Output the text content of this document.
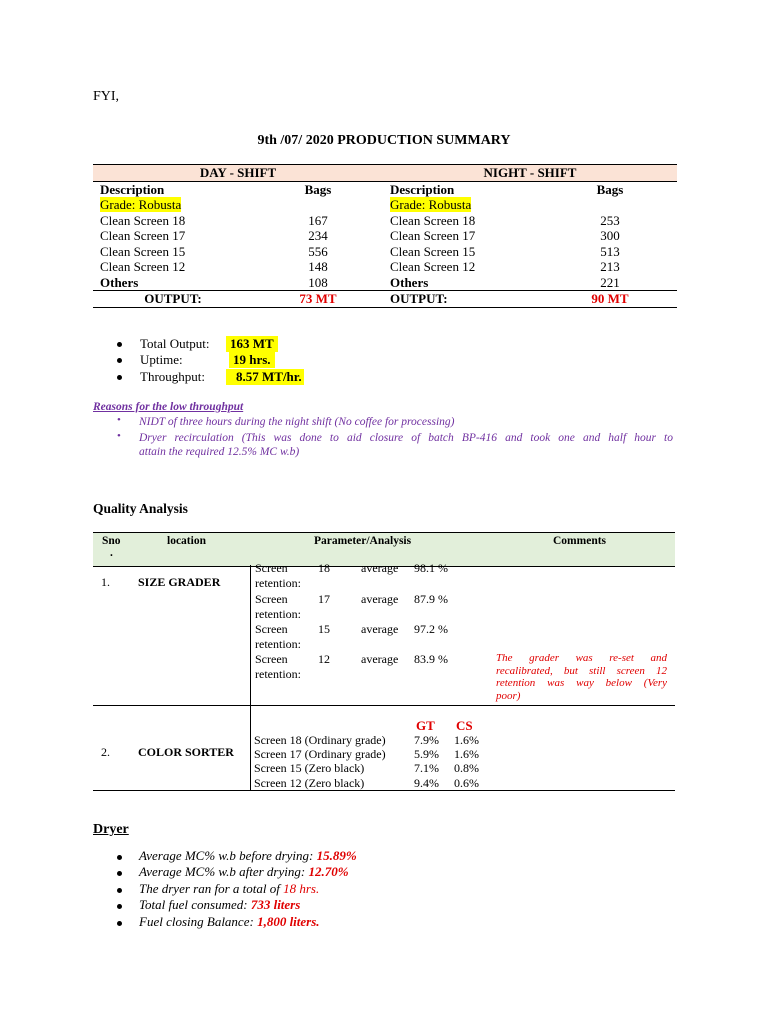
FYI,
9th /07/ 2020 PRODUCTION SUMMARY
DAY - SHIFT		NIGHT - SHIFT	
Description	Bags	Description	Bags
Grade: Robusta		Grade: Robusta	
Clean Screen 18	167	Clean Screen 18	253
Clean Screen 17	234	Clean Screen 17	300
Clean Screen 15	556	Clean Screen 15	513
Clean Screen 12	148	Clean Screen 12	213
Others	108	Others	221
OUTPUT:	73 MT	OUTPUT:	90 MT
Total Output:	163 MT
Uptime:	19 hrs.
Throughput:	8.57 MT/hr.
Reasons for the low throughput
• NIDT of three hours during the night shift (No coffee for processing)
• Dryer recirculation (This was done to aid closure of batch BP-416 and took one and half hour to
attain the required 12.5% MC w.b)
Quality Analysis
Sno
.
location	Parameter/Analysis	Comments
1. SIZE GRADER
Screen
retention:
18	average 98.1 %
Screen
retention:
17	average 87.9 %
Screen
retention:
15	average 97.2 %
Screen
retention:
12	average 83.9 %	The grader was re-set and
recalibrated, but still screen 12
retention was way below (Very
poor)
2. COLOR SORTER
GT CS
Screen 18 (Ordinary grade) 7.9% 1.6%
Screen 17 (Ordinary grade) 5.9% 1.6%
Screen 15 (Zero black)	7.1% 0.8%
Screen 12 (Zero black)	9.4% 0.6%
Dryer
Average MC% w.b before drying: 15.89%
Average MC% w.b after drying: 12.70%
The dryer ran for a total of 18 hrs.
Total fuel consumed: 733 liters
Fuel closing Balance: 1,800 liters.
